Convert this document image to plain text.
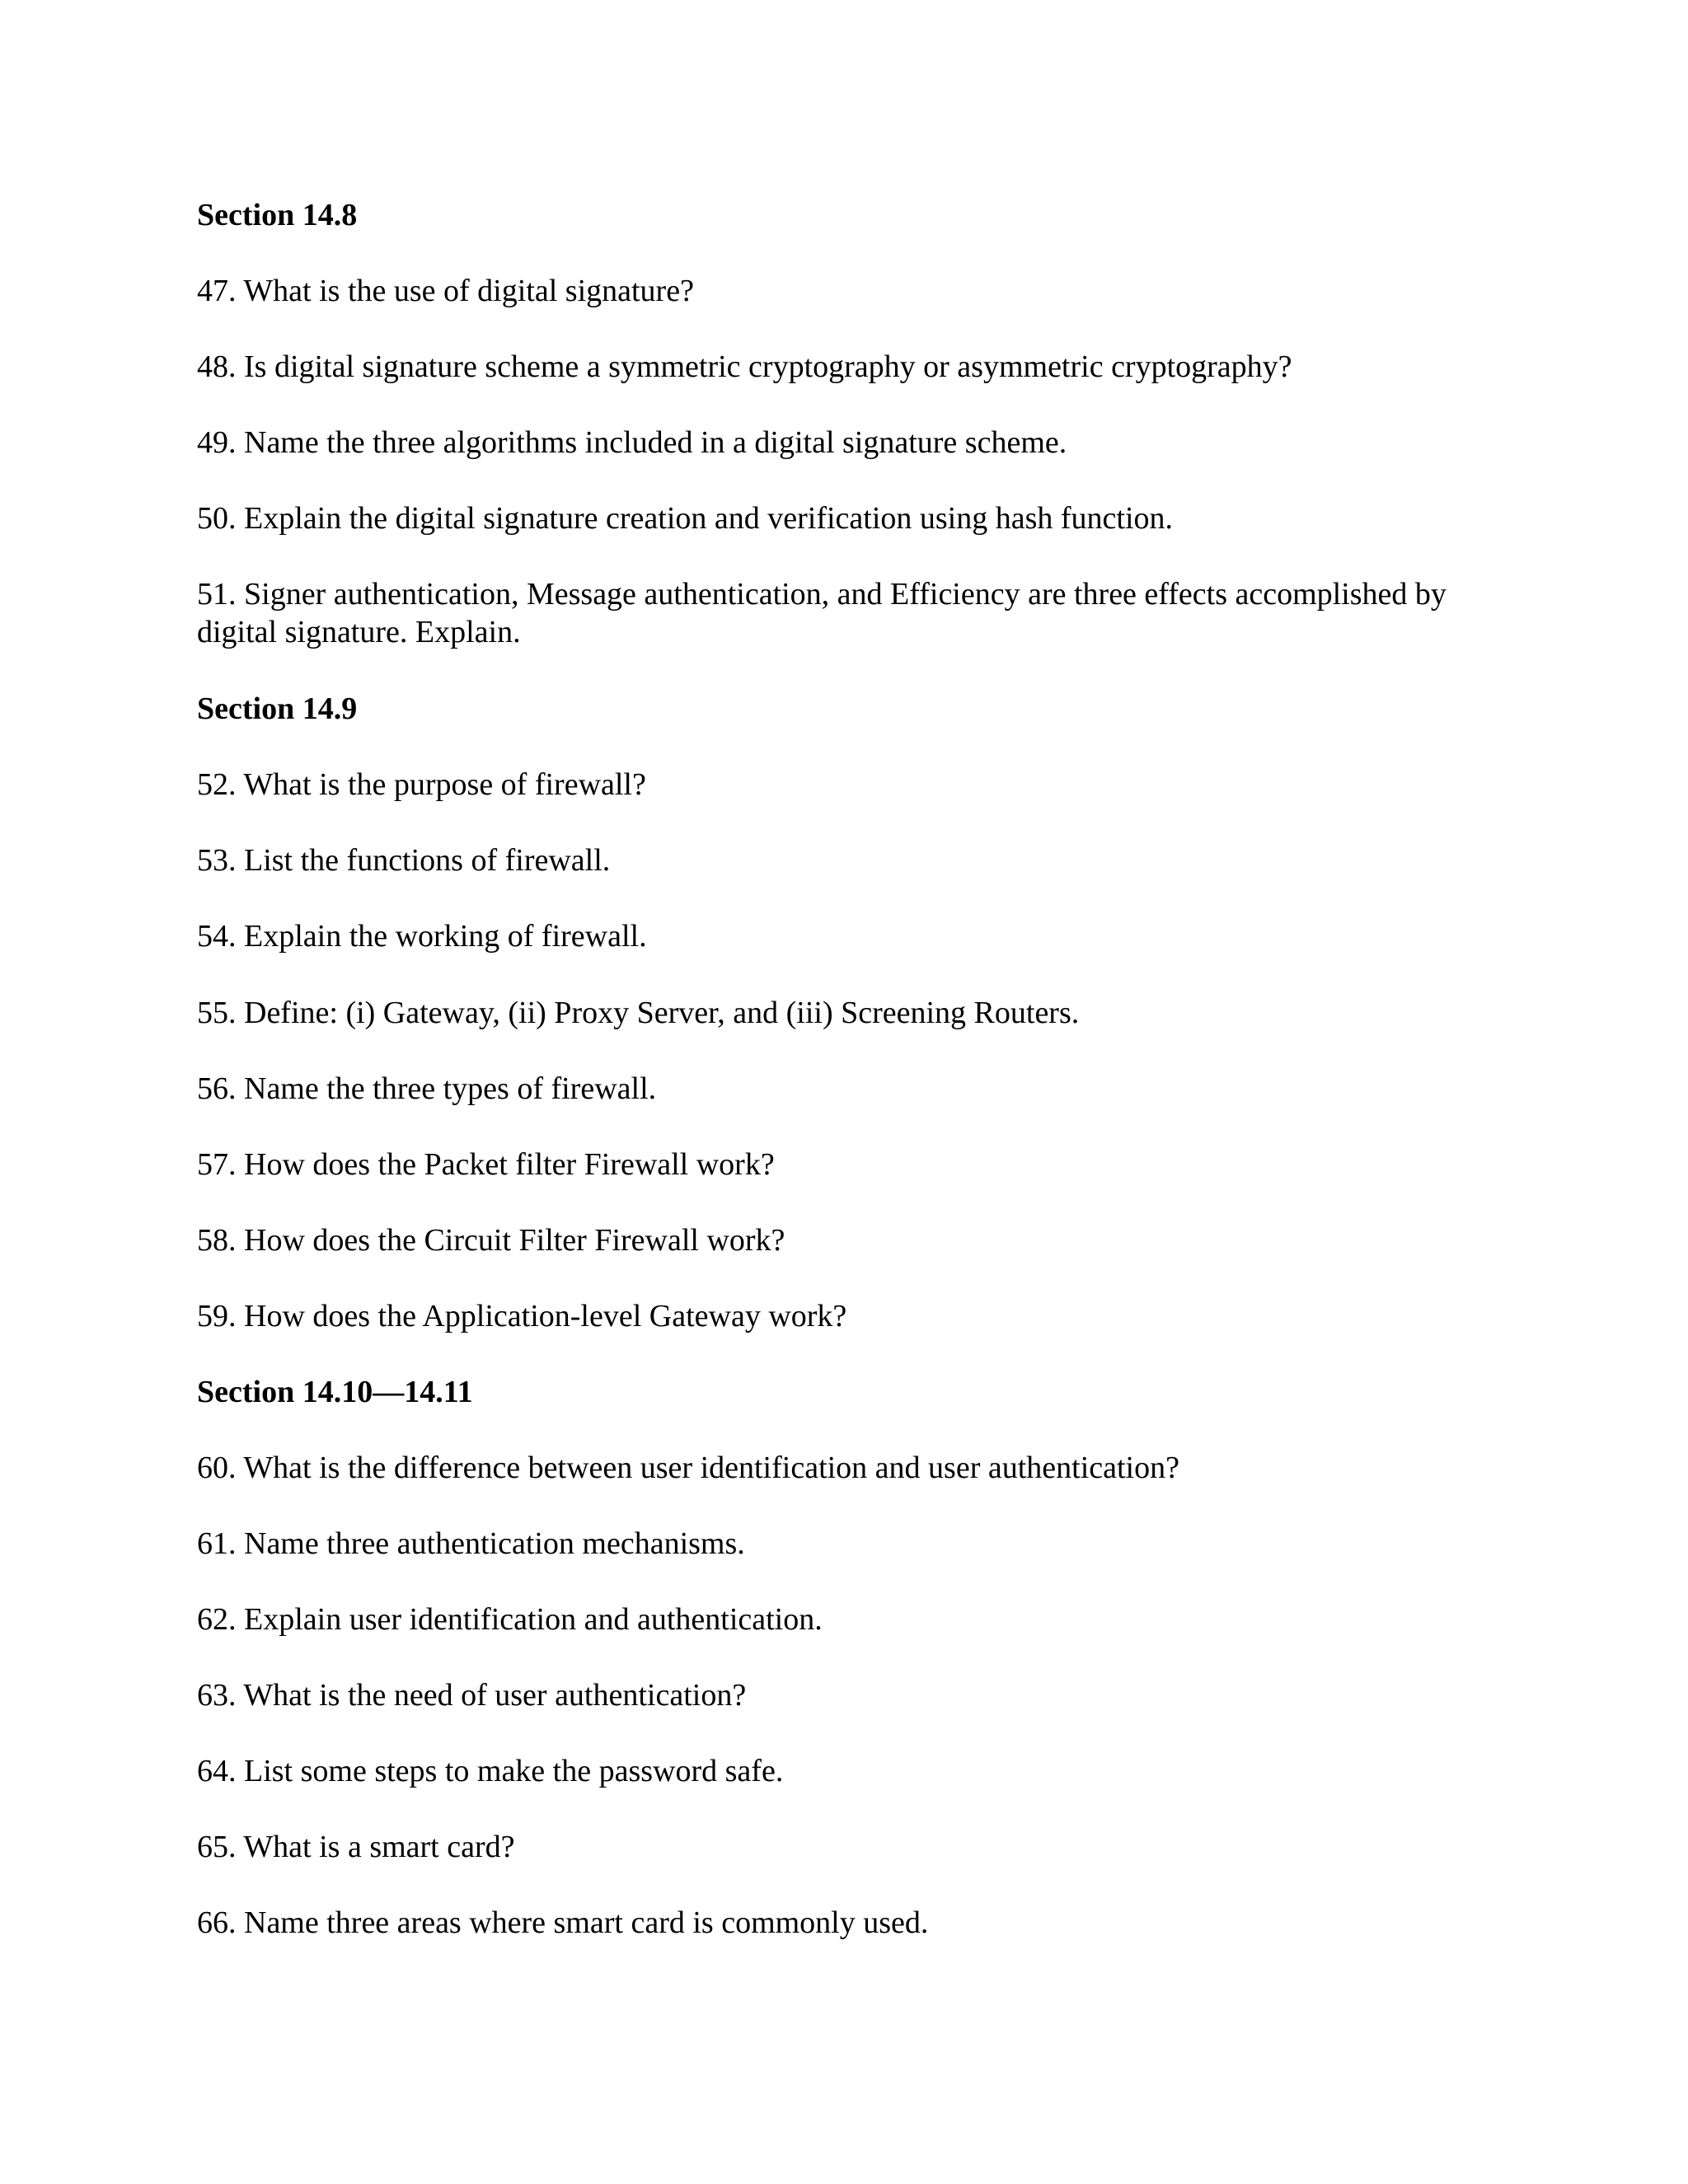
Section 14.8
47. What is the use of digital signature?
48. Is digital signature scheme a symmetric cryptography or asymmetric cryptography?
49. Name the three algorithms included in a digital signature scheme.
50. Explain the digital signature creation and verification using hash function.
51. Signer authentication, Message authentication, and Efficiency are three effects accomplished by digital signature. Explain.
Section 14.9
52. What is the purpose of firewall?
53. List the functions of firewall.
54. Explain the working of firewall.
55. Define: (i) Gateway, (ii) Proxy Server, and (iii) Screening Routers.
56. Name the three types of firewall.
57. How does the Packet filter Firewall work?
58. How does the Circuit Filter Firewall work?
59. How does the Application-level Gateway work?
Section 14.10—14.11
60. What is the difference between user identification and user authentication?
61. Name three authentication mechanisms.
62. Explain user identification and authentication.
63. What is the need of user authentication?
64. List some steps to make the password safe.
65. What is a smart card?
66. Name three areas where smart card is commonly used.
